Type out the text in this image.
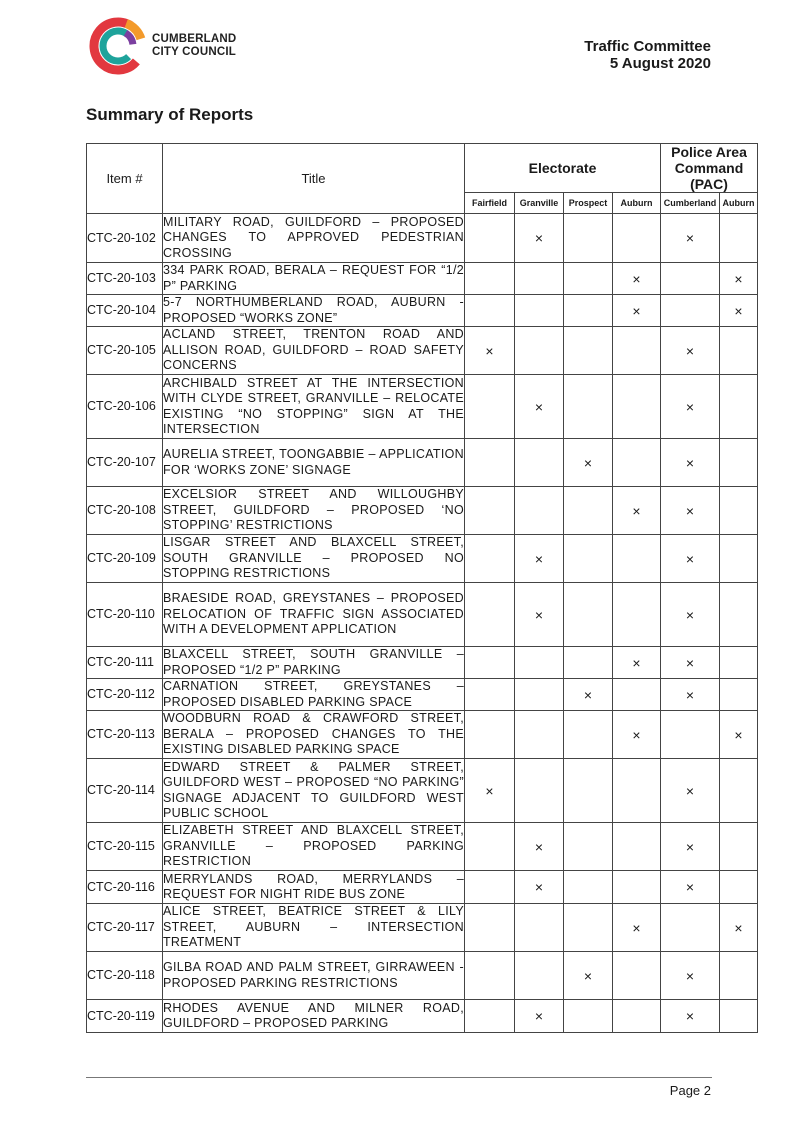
CUMBERLAND
CITY COUNCIL	Traffic Committee
5 August 2020
Summary of Reports
Item #	Title	Electorate				Police Area Command (PAC)	
		Fairfield	Granville	Prospect	Auburn	Cumberland	Auburn
CTC-20-102	MILITARY ROAD, GUILDFORD – PROPOSED CHANGES TO APPROVED PEDESTRIAN CROSSING		×			×	
CTC-20-103	334 PARK ROAD, BERALA – REQUEST FOR “1/2 P” PARKING				×		×
CTC-20-104	5-7 NORTHUMBERLAND ROAD, AUBURN - PROPOSED “WORKS ZONE”				×		×
CTC-20-105	ACLAND STREET, TRENTON ROAD AND ALLISON ROAD, GUILDFORD – ROAD SAFETY CONCERNS	×				×	
CTC-20-106	ARCHIBALD STREET AT THE INTERSECTION WITH CLYDE STREET, GRANVILLE – RELOCATE EXISTING “NO STOPPING” SIGN AT THE INTERSECTION		×			×	
CTC-20-107	AURELIA STREET, TOONGABBIE – APPLICATION FOR ‘WORKS ZONE’ SIGNAGE			×		×	
CTC-20-108	EXCELSIOR STREET AND WILLOUGHBY STREET, GUILDFORD – PROPOSED ‘NO STOPPING’ RESTRICTIONS				×	×	
CTC-20-109	LISGAR STREET AND BLAXCELL STREET, SOUTH GRANVILLE – PROPOSED NO STOPPING RESTRICTIONS		×			×	
CTC-20-110	BRAESIDE ROAD, GREYSTANES – PROPOSED RELOCATION OF TRAFFIC SIGN ASSOCIATED WITH A DEVELOPMENT APPLICATION		×			×	
CTC-20-111	BLAXCELL STREET, SOUTH GRANVILLE – PROPOSED “1/2 P” PARKING				×	×	
CTC-20-112	CARNATION STREET, GREYSTANES – PROPOSED DISABLED PARKING SPACE			×		×	
CTC-20-113	WOODBURN ROAD & CRAWFORD STREET, BERALA – PROPOSED CHANGES TO THE EXISTING DISABLED PARKING SPACE				×		×
CTC-20-114	EDWARD STREET & PALMER STREET, GUILDFORD WEST – PROPOSED “NO PARKING” SIGNAGE ADJACENT TO GUILDFORD WEST PUBLIC SCHOOL	×				×	
CTC-20-115	ELIZABETH STREET AND BLAXCELL STREET, GRANVILLE – PROPOSED PARKING RESTRICTION		×			×	
CTC-20-116	MERRYLANDS ROAD, MERRYLANDS – REQUEST FOR NIGHT RIDE BUS ZONE		×			×	
CTC-20-117	ALICE STREET, BEATRICE STREET & LILY STREET, AUBURN – INTERSECTION TREATMENT				×		×
CTC-20-118	GILBA ROAD AND PALM STREET, GIRRAWEEN - PROPOSED PARKING RESTRICTIONS			×		×	
CTC-20-119	RHODES AVENUE AND MILNER ROAD, GUILDFORD – PROPOSED PARKING		×			×	
Page 2
